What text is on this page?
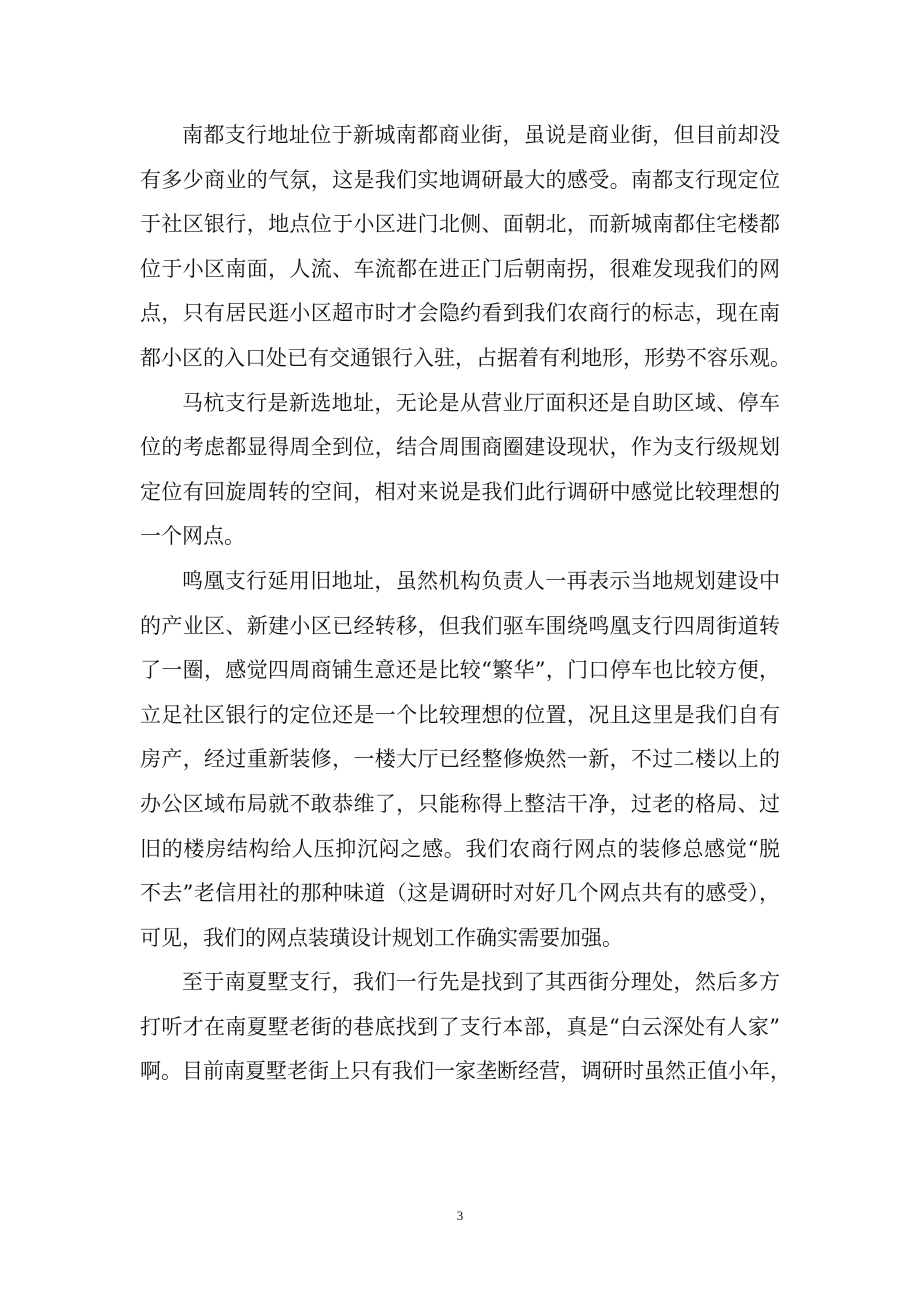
南都支行地址位于新城南都商业街，虽说是商业街，但目前却没
有多少商业的气氛，这是我们实地调研最大的感受。南都支行现定位
于社区银行，地点位于小区进门北侧、面朝北，而新城南都住宅楼都
位于小区南面，人流、车流都在进正门后朝南拐，很难发现我们的网
点，只有居民逛小区超市时才会隐约看到我们农商行的标志，现在南
都小区的入口处已有交通银行入驻，占据着有利地形，形势不容乐观。
马杭支行是新选地址，无论是从营业厅面积还是自助区域、停车
位的考虑都显得周全到位，结合周围商圈建设现状，作为支行级规划
定位有回旋周转的空间，相对来说是我们此行调研中感觉比较理想的
一个网点。
鸣凰支行延用旧地址，虽然机构负责人一再表示当地规划建设中
的产业区、新建小区已经转移，但我们驱车围绕鸣凰支行四周街道转
了一圈，感觉四周商铺生意还是比较“繁华”，门口停车也比较方便，
立足社区银行的定位还是一个比较理想的位置，况且这里是我们自有
房产，经过重新装修，一楼大厅已经整修焕然一新，不过二楼以上的
办公区域布局就不敢恭维了，只能称得上整洁干净，过老的格局、过
旧的楼房结构给人压抑沉闷之感。我们农商行网点的装修总感觉“脱
不去”老信用社的那种味道（这是调研时对好几个网点共有的感受），
可见，我们的网点装璜设计规划工作确实需要加强。
至于南夏墅支行，我们一行先是找到了其西街分理处，然后多方
打听才在南夏墅老街的巷底找到了支行本部，真是“白云深处有人家”
啊。目前南夏墅老街上只有我们一家垄断经营，调研时虽然正值小年，
3
